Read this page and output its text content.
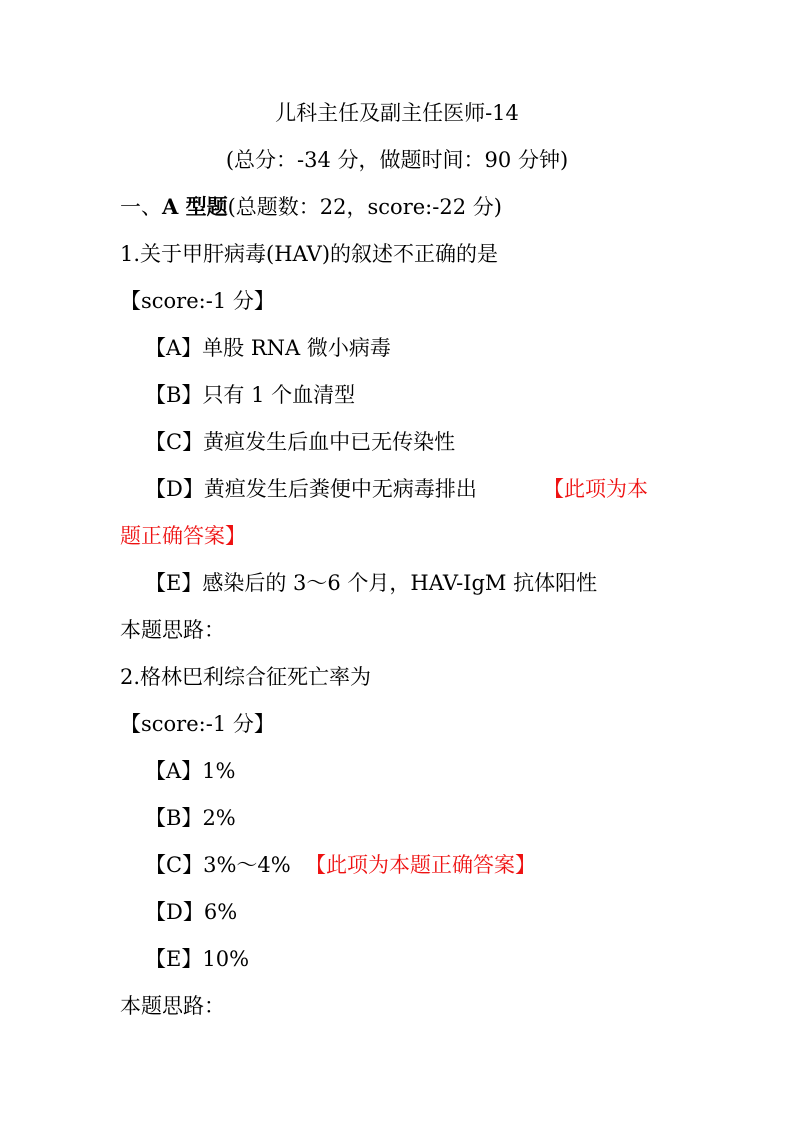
儿科主任及副主任医师-14
(总分：-34 分，做题时间：90 分钟)
一、A 型题(总题数：22，score:-22 分)
1.关于甲肝病毒(HAV)的叙述不正确的是
【score:-1 分】
【A】单股 RNA 微小病毒
【B】只有 1 个血清型
【C】黄疸发生后血中已无传染性
【D】黄疸发生后粪便中无病毒排出	【此项为本
题正确答案】
【E】感染后的 3～6 个月，HAV-IgM 抗体阳性
本题思路：
2.格林巴利综合征死亡率为
【score:-1 分】
【A】1%
【B】2%
【C】3%～4% 【此项为本题正确答案】
【D】6%
【E】10%
本题思路：
